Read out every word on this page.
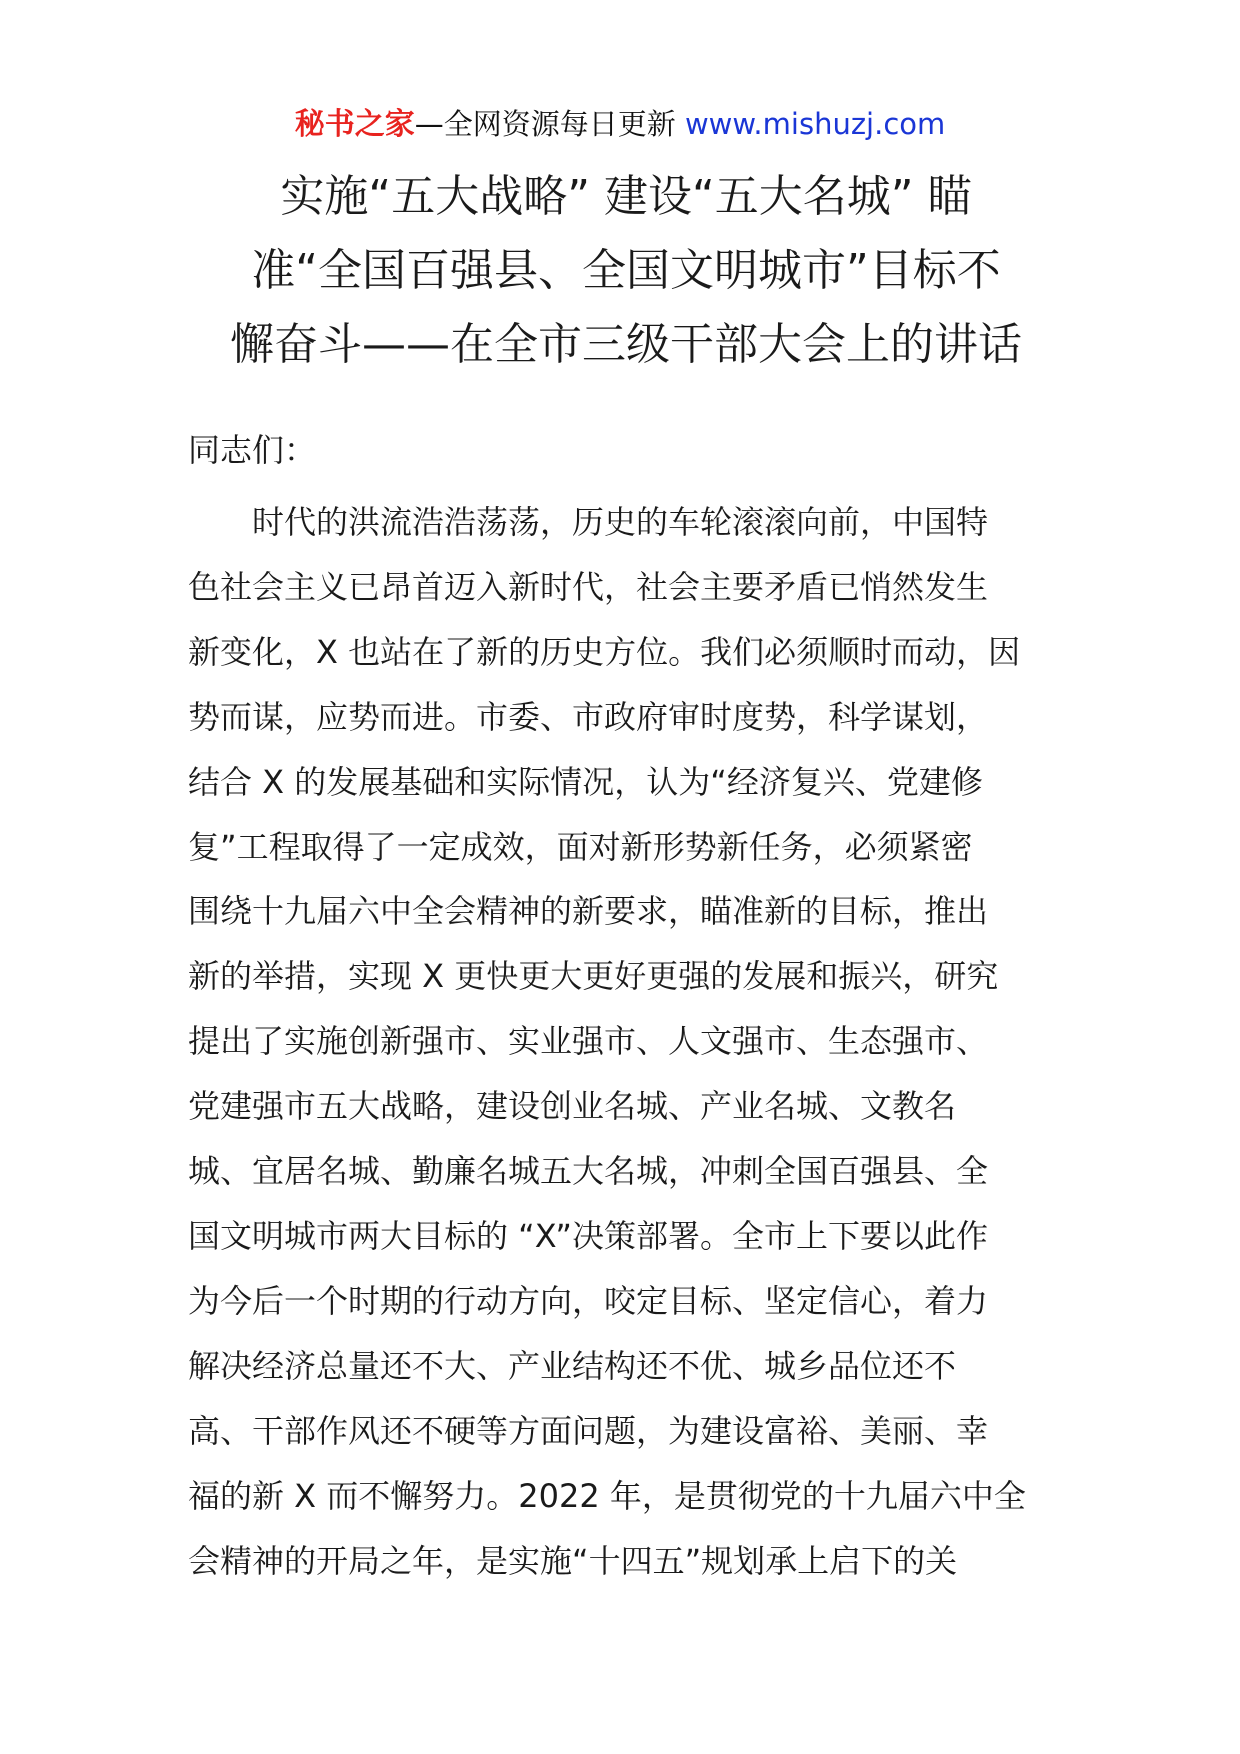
秘书之家—全网资源每日更新 www.mishuzj.com
实施“五大战略” 建设“五大名城” 瞄
准“全国百强县、全国文明城市”目标不
懈奋斗——在全市三级干部大会上的讲话

同志们：

　　时代的洪流浩浩荡荡，历史的车轮滚滚向前，中国特
色社会主义已昂首迈入新时代，社会主要矛盾已悄然发生
新变化，X 也站在了新的历史方位。我们必须顺时而动，因
势而谋，应势而进。市委、市政府审时度势，科学谋划，
结合 X 的发展基础和实际情况，认为“经济复兴、党建修
复”工程取得了一定成效，面对新形势新任务，必须紧密
围绕十九届六中全会精神的新要求，瞄准新的目标，推出
新的举措，实现 X 更快更大更好更强的发展和振兴，研究
提出了实施创新强市、实业强市、人文强市、生态强市、
党建强市五大战略，建设创业名城、产业名城、文教名
城、宜居名城、勤廉名城五大名城，冲刺全国百强县、全
国文明城市两大目标的 “X”决策部署。全市上下要以此作
为今后一个时期的行动方向，咬定目标、坚定信心，着力
解决经济总量还不大、产业结构还不优、城乡品位还不
高、干部作风还不硬等方面问题，为建设富裕、美丽、幸
福的新 X 而不懈努力。2022 年，是贯彻党的十九届六中全
会精神的开局之年，是实施“十四五”规划承上启下的关
